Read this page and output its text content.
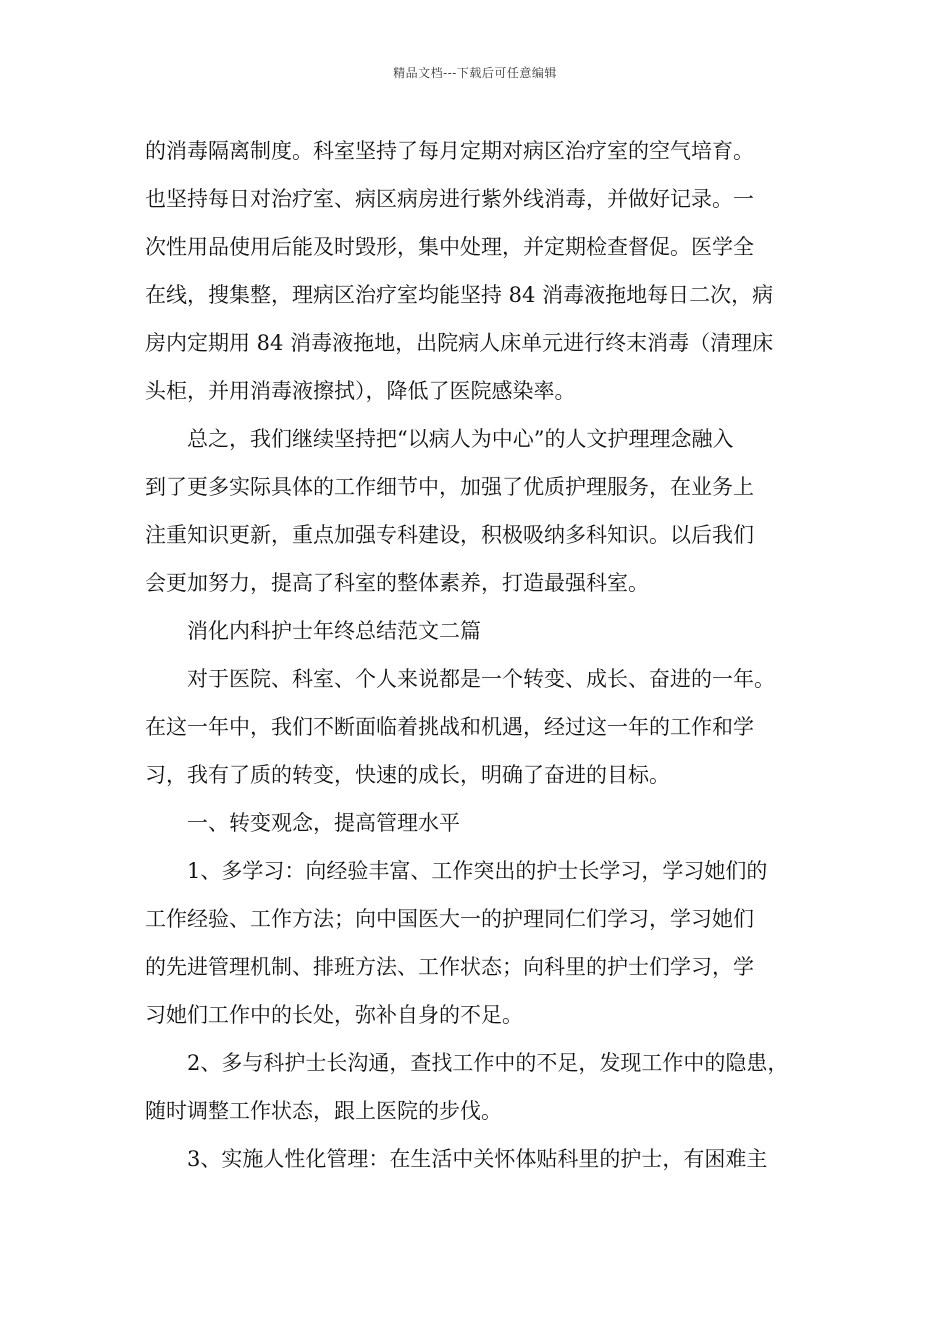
精品文档---下载后可任意编辑
的消毒隔离制度。科室坚持了每月定期对病区治疗室的空气培育。
也坚持每日对治疗室、病区病房进行紫外线消毒，并做好记录。一
次性用品使用后能及时毁形，集中处理，并定期检查督促。医学全
在线，搜集整，理病区治疗室均能坚持 84 消毒液拖地每日二次，病
房内定期用 84 消毒液拖地，出院病人床单元进行终末消毒（清理床
头柜，并用消毒液擦拭），降低了医院感染率。
总之，我们继续坚持把“以病人为中心”的人文护理理念融入
到了更多实际具体的工作细节中，加强了优质护理服务，在业务上
注重知识更新，重点加强专科建设，积极吸纳多科知识。以后我们
会更加努力，提高了科室的整体素养，打造最强科室。
消化内科护士年终总结范文二篇
对于医院、科室、个人来说都是一个转变、成长、奋进的一年。
在这一年中，我们不断面临着挑战和机遇，经过这一年的工作和学
习，我有了质的转变，快速的成长，明确了奋进的目标。
一、转变观念，提高管理水平
1、多学习：向经验丰富、工作突出的护士长学习，学习她们的
工作经验、工作方法；向中国医大一的护理同仁们学习，学习她们
的先进管理机制、排班方法、工作状态；向科里的护士们学习，学
习她们工作中的长处，弥补自身的不足。
2、多与科护士长沟通，查找工作中的不足，发现工作中的隐患，
随时调整工作状态，跟上医院的步伐。
3、实施人性化管理：在生活中关怀体贴科里的护士，有困难主
